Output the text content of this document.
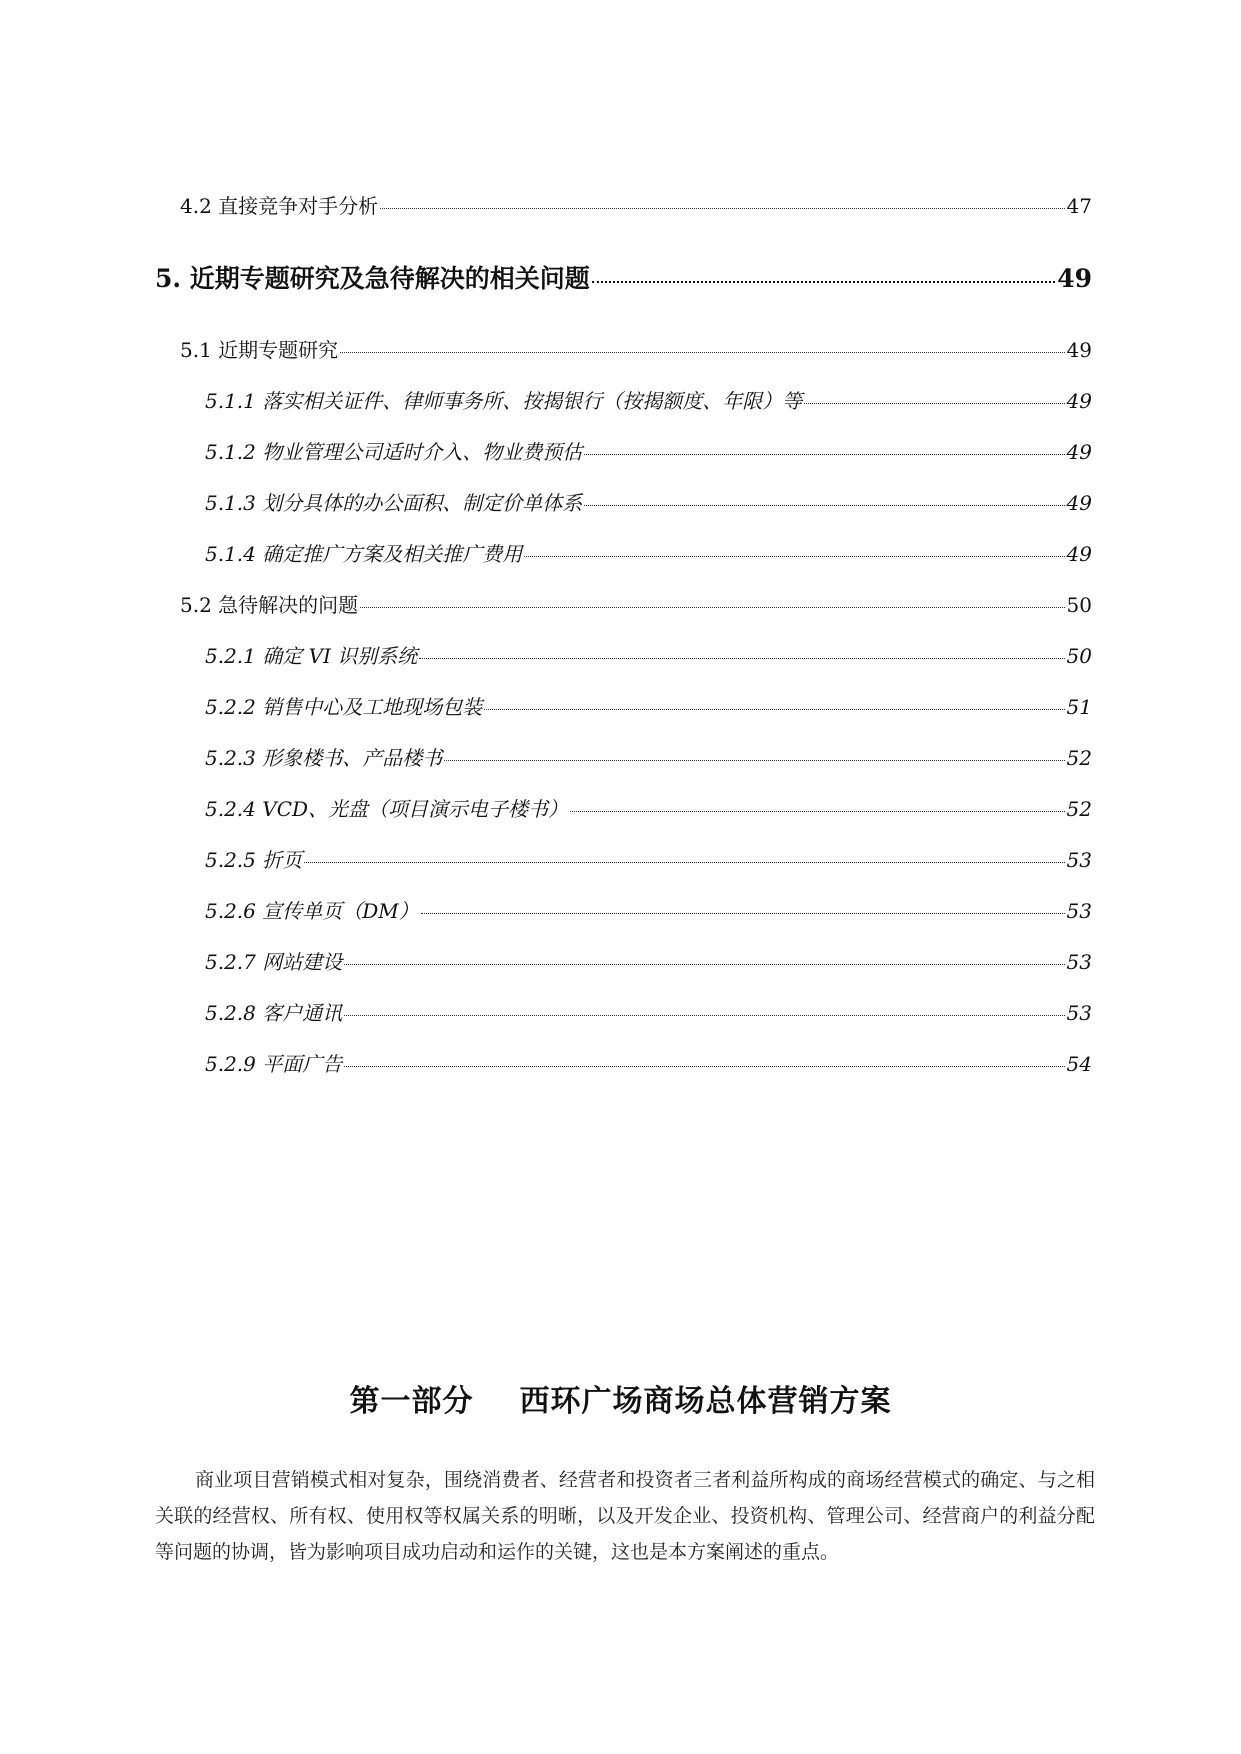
4.2 直接竞争对手分析	47
5. 近期专题研究及急待解决的相关问题	49
5.1 近期专题研究	49
5.1.1 落实相关证件、律师事务所、按揭银行（按揭额度、年限）等	49
5.1.2 物业管理公司适时介入、物业费预估	49
5.1.3 划分具体的办公面积、制定价单体系	49
5.1.4 确定推广方案及相关推广费用	49
5.2 急待解决的问题	50
5.2.1 确定 VI 识别系统	50
5.2.2 销售中心及工地现场包装	51
5.2.3 形象楼书、产品楼书	52
5.2.4 VCD、光盘（项目演示电子楼书）	52
5.2.5 折页	53
5.2.6 宣传单页（DM）	53
5.2.7 网站建设	53
5.2.8 客户通讯	53
5.2.9 平面广告	54
第一部分 西环广场商场总体营销方案
商业项目营销模式相对复杂，围绕消费者、经营者和投资者三者利益所构成的商场经营模式的确定、与之相关联的经营权、所有权、使用权等权属关系的明晰，以及开发企业、投资机构、管理公司、经营商户的利益分配等问题的协调，皆为影响项目成功启动和运作的关键，这也是本方案阐述的重点。
